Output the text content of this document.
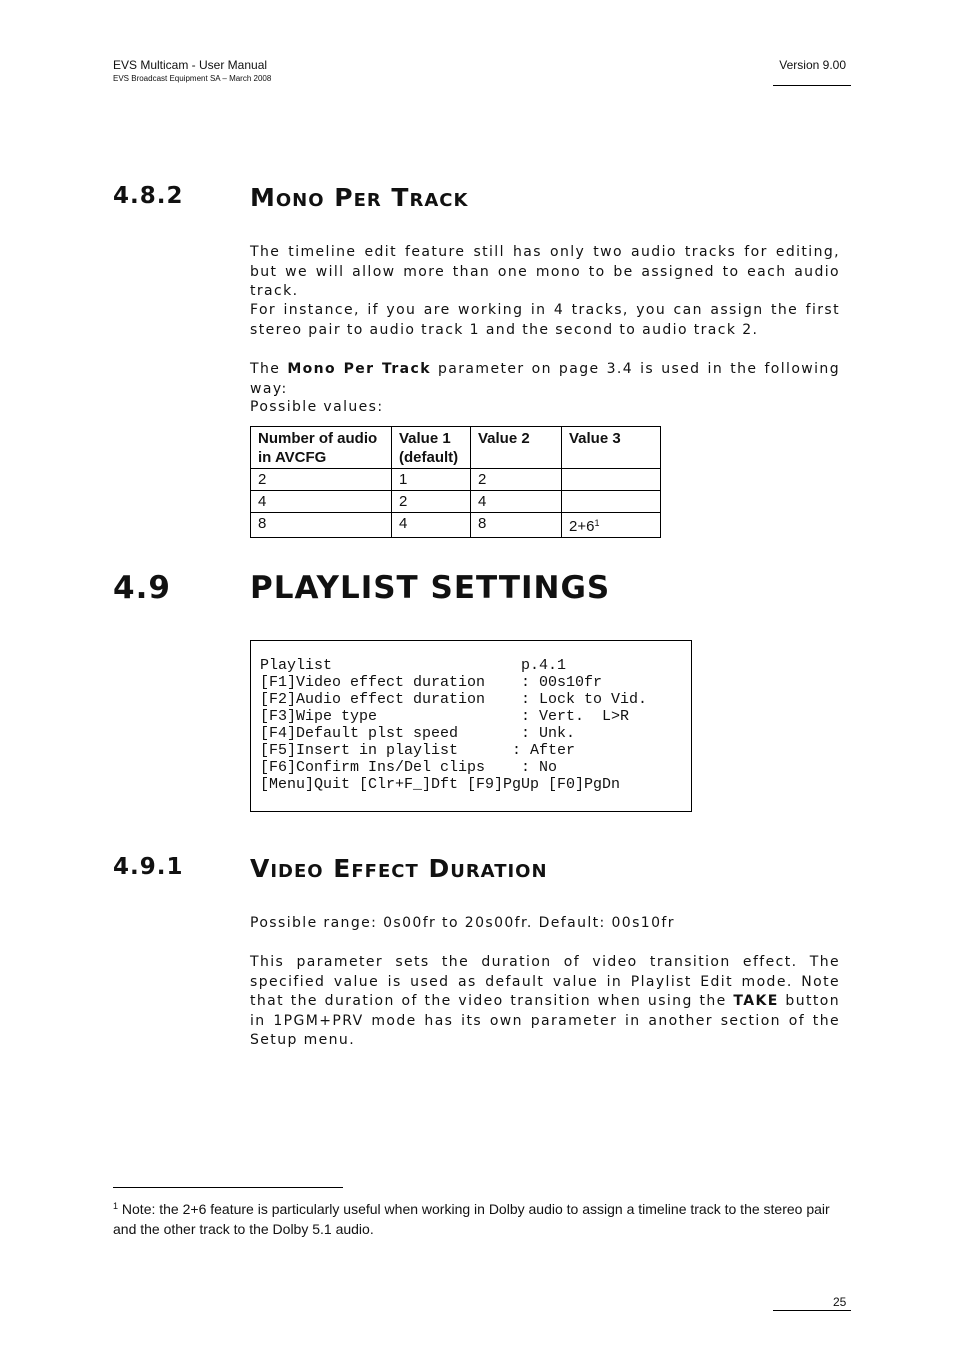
EVS Multicam - User Manual
EVS Broadcast Equipment SA – March 2008
Version 9.00
4.8.2	Mono Per Track
The timeline edit feature still has only two audio tracks for editing, but we will allow more than one mono to be assigned to each audio track.
For instance, if you are working in 4 tracks, you can assign the first stereo pair to audio track 1 and the second to audio track 2.
The Mono Per Track parameter on page 3.4 is used in the following way:
Possible values:
Number of audio in AVCFG	Value 1 (default)	Value 2	Value 3
2	1	2	
4	2	4	
8	4	8	$2+6^1$
4.9	PLAYLIST SETTINGS
Playlist                     p.4.1
[F1]Video effect duration    : 00s10fr
[F2]Audio effect duration    : Lock to Vid.
[F3]Wipe type                : Vert.  L>R
[F4]Default plst speed       : Unk.
[F5]Insert in playlist      : After
[F6]Confirm Ins/Del clips    : No
[Menu]Quit [Clr+F_]Dft [F9]PgUp [F0]PgDn
4.9.1	Video Effect Duration
Possible range: 0s00fr to 20s00fr. Default: 00s10fr
This parameter sets the duration of video transition effect. The specified value is used as default value in Playlist Edit mode. Note that the duration of the video transition when using the TAKE button in 1PGM+PRV mode has its own parameter in another section of the Setup menu.
$^1$ Note: the 2+6 feature is particularly useful when working in Dolby audio to assign a timeline track to the stereo pair and the other track to the Dolby 5.1 audio.
25
